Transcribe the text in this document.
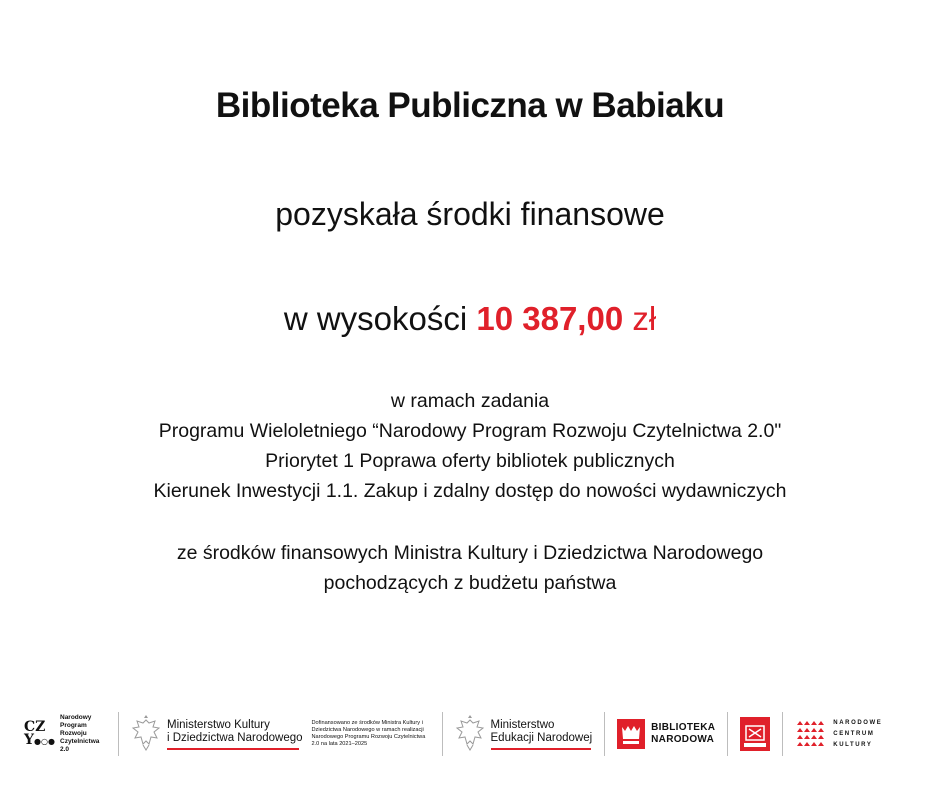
Biblioteka Publiczna w Babiaku
pozyskała środki finansowe
w wysokości 10 387,00 zł
w ramach zadania
Programu Wieloletniego “Narodowy Program Rozwoju Czytelnictwa 2.0"
Priorytet 1 Poprawa oferty bibliotek publicznych
Kierunek Inwestycji 1.1. Zakup i zdalny dostęp do nowości wydawniczych
ze środków finansowych Ministra Kultury i Dziedzictwa Narodowego
pochodzących z budżetu państwa
CZ
Y●○●
Narodowy
Program
Rozwoju
Czytelnictwa
2.0
Ministerstwo Kultury
i Dziedzictwa Narodowego
Dofinansowano ze środków Ministra Kultury i Dziedzictwa Narodowego w ramach realizacji Narodowego Programu Rozwoju Czytelnictwa 2.0 na lata 2021–2025
Ministerstwo
Edukacji Narodowej
BIBLIOTEKA
NARODOWA
NARODOWE
CENTRUM
KULTURY
